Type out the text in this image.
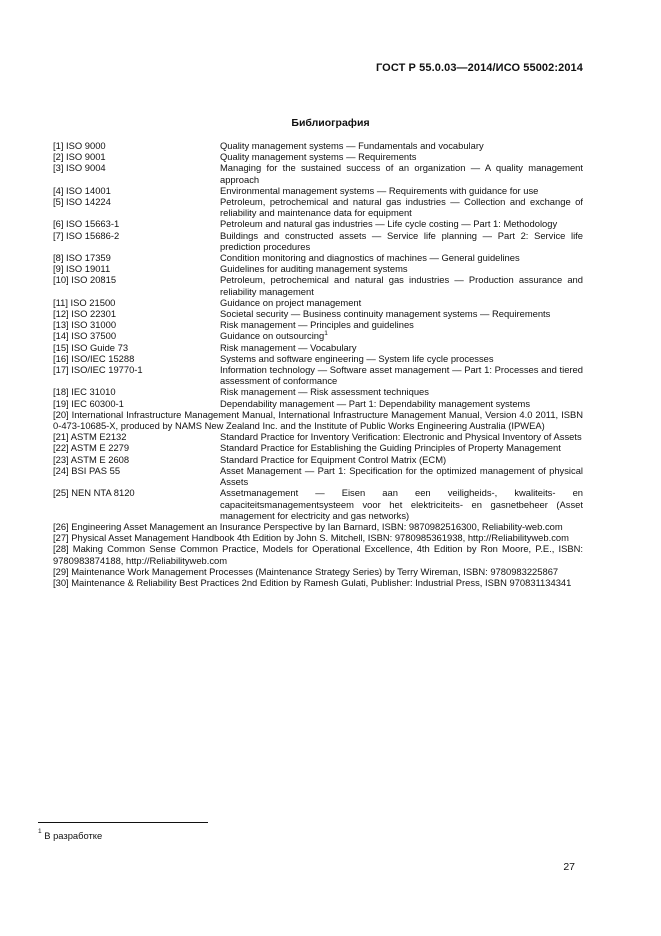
ГОСТ Р 55.0.03—2014/ИСО 55002:2014
Библиография
[1] ISO 9000	Quality management systems — Fundamentals and vocabulary
[2] ISO 9001	Quality management systems — Requirements
[3] ISO 9004	Managing for the sustained success of an organization — A quality management approach
[4] ISO 14001	Environmental management systems — Requirements with guidance for use
[5] ISO 14224	Petroleum, petrochemical and natural gas industries — Collection and exchange of reliability and maintenance data for equipment
[6] ISO 15663-1	Petroleum and natural gas industries — Life cycle costing — Part 1: Methodology
[7] ISO 15686-2	Buildings and constructed assets — Service life planning — Part 2: Service life prediction procedures
[8] ISO 17359	Condition monitoring and diagnostics of machines — General guidelines
[9] ISO 19011	Guidelines for auditing management systems
[10] ISO 20815	Petroleum, petrochemical and natural gas industries — Production assurance and reliability management
[11] ISO 21500	Guidance on project management
[12] ISO 22301	Societal security — Business continuity management systems — Requirements
[13] ISO 31000	Risk management — Principles and guidelines
[14] ISO 37500	Guidance on outsourcing$^1$
[15] ISO Guide 73	Risk management — Vocabulary
[16] ISO/IEC 15288	Systems and software engineering — System life cycle processes
[17] ISO/IEC 19770-1	Information technology — Software asset management — Part 1: Processes and tiered assessment of conformance
[18] IEC 31010	Risk management — Risk assessment techniques
[19] IEC 60300-1	Dependability management — Part 1: Dependability management systems
[20] International Infrastructure Management Manual, International Infrastructure Management Manual, Version 4.0 2011, ISBN 0-473-10685-X, produced by NAMS New Zealand Inc. and the Institute of Public Works Engineering Australia (IPWEA)
[21] ASTM E2132	Standard Practice for Inventory Verification: Electronic and Physical Inventory of Assets
[22] ASTM E 2279	Standard Practice for Establishing the Guiding Principles of Property Management
[23] ASTM E 2608	Standard Practice for Equipment Control Matrix (ECM)
[24] BSI PAS 55	Asset Management — Part 1: Specification for the optimized management of physical Assets
[25] NEN NTA 8120	Assetmanagement — Eisen aan een veiligheids-, kwaliteits- en capaciteitsmanagementsysteem voor het elektriciteits- en gasnetbeheer (Asset management for electricity and gas networks)
[26] Engineering Asset Management an Insurance Perspective by Ian Barnard, ISBN: 9870982516300, Reliability-web.com
[27] Physical Asset Management Handbook 4th Edition by John S. Mitchell, ISBN: 9780985361938, http://Reliabilityweb.com
[28] Making Common Sense Common Practice, Models for Operational Excellence, 4th Edition by Ron Moore, P.E., ISBN: 9780983874188, http://Reliabilityweb.com
[29] Maintenance Work Management Processes (Maintenance Strategy Series) by Terry Wireman, ISBN: 9780983225867
[30] Maintenance & Reliability Best Practices 2nd Edition by Ramesh Gulati, Publisher: Industrial Press, ISBN 970831134341
$^1$ В разработке
27
